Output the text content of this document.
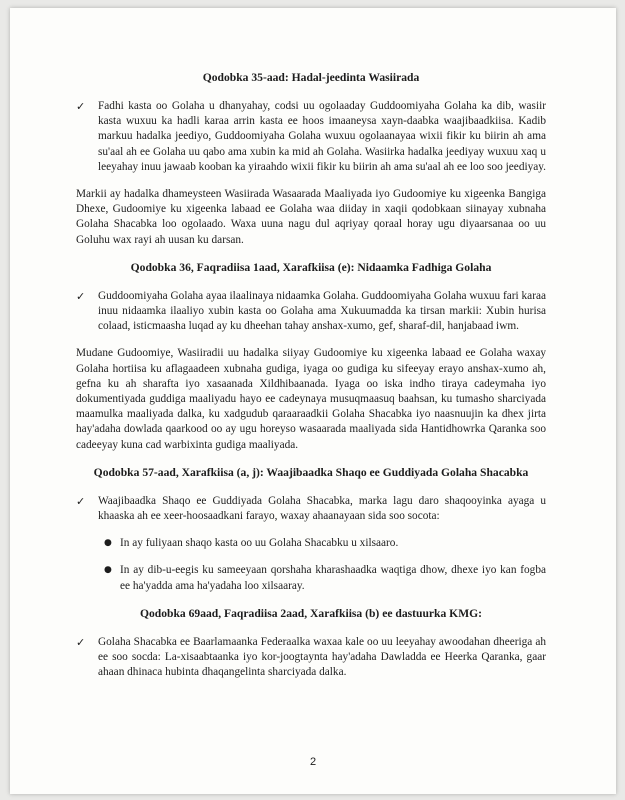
Qodobka 35-aad: Hadal-jeedinta Wasiirada
✓	Fadhi kasta oo Golaha u dhanyahay, codsi uu ogolaaday Guddoomiyaha Golaha ka dib, wasiir kasta wuxuu ka hadli karaa arrin kasta ee hoos imaaneysa xayn-daabka waajibaadkiisa. Kadib markuu hadalka jeediyo, Guddoomiyaha Golaha wuxuu ogolaanayaa wixii fikir ku biirin ah ama su'aal ah ee Golaha uu qabo ama xubin ka mid ah Golaha. Wasiirka hadalka jeediyay wuxuu xaq u leeyahay inuu jawaab kooban ka yiraahdo wixii fikir ku biirin ah ama su'aal ah ee loo soo jeediyay.

Markii ay hadalka dhameysteen Wasiirada Wasaarada Maaliyada iyo Gudoomiye ku xigeenka Bangiga Dhexe, Gudoomiye ku xigeenka labaad ee Golaha waa diiday in xaqii qodobkaan siinayay xubnaha Golaha Shacabka loo ogolaado. Waxa uuna nagu dul aqriyay qoraal horay ugu diyaarsanaa oo uu Goluhu wax rayi ah uusan ku darsan.

Qodobka 36, Faqradiisa 1aad, Xarafkiisa (e): Nidaamka Fadhiga Golaha
✓	Guddoomiyaha Golaha ayaa ilaalinaya nidaamka Golaha. Guddoomiyaha Golaha wuxuu fari karaa inuu nidaamka ilaaliyo xubin kasta oo Golaha ama Xukuumadda ka tirsan markii: Xubin hurisa colaad, isticmaasha luqad ay ku dheehan tahay anshax-xumo, gef, sharaf-dil, hanjabaad iwm.

Mudane Gudoomiye, Wasiiradii uu hadalka siiyay Gudoomiye ku xigeenka labaad ee Golaha waxay Golaha hortiisa ku aflagaadeen xubnaha gudiga, iyaga oo gudiga ku sifeeyay erayo anshax-xumo ah, gefna ku ah sharafta iyo xasaanada Xildhibaanada. Iyaga oo iska indho tiraya cadeymaha iyo dokumentiyada guddiga maaliyadu hayo ee cadeynaya musuqmaasuq baahsan, ku tumasho sharciyada maamulka maaliyada dalka, ku xadgudub qaraaraadkii Golaha Shacabka iyo naasnuujin ka dhex jirta hay'adaha dowlada qaarkood oo ay ugu horeyso wasaarada maaliyada sida Hantidhowrka Qaranka soo cadeeyay kuna cad warbixinta gudiga maaliyada.

Qodobka 57-aad, Xarafkiisa (a, j): Waajibaadka Shaqo ee Guddiyada Golaha Shacabka
✓	Waajibaadka Shaqo ee Guddiyada Golaha Shacabka, marka lagu daro shaqooyinka ayaga u khaaska ah ee xeer-hoosaadkani farayo, waxay ahaanayaan sida soo socota:
● In ay fuliyaan shaqo kasta oo uu Golaha Shacabku u xilsaaro.
● In ay dib-u-eegis ku sameeyaan qorshaha kharashaadka waqtiga dhow, dhexe iyo kan fogba ee ha'yadda ama ha'yadaha loo xilsaaray.
Qodobka 69aad, Faqradiisa 2aad, Xarafkiisa (b) ee dastuurka KMG:
✓	Golaha Shacabka ee Baarlamaanka Federaalka waxaa kale oo uu leeyahay awoodahan dheeriga ah ee soo socda: La-xisaabtaanka iyo kor-joogtaynta hay'adaha Dawladda ee Heerka Qaranka, gaar ahaan dhinaca hubinta dhaqangelinta sharciyada dalka.
2
